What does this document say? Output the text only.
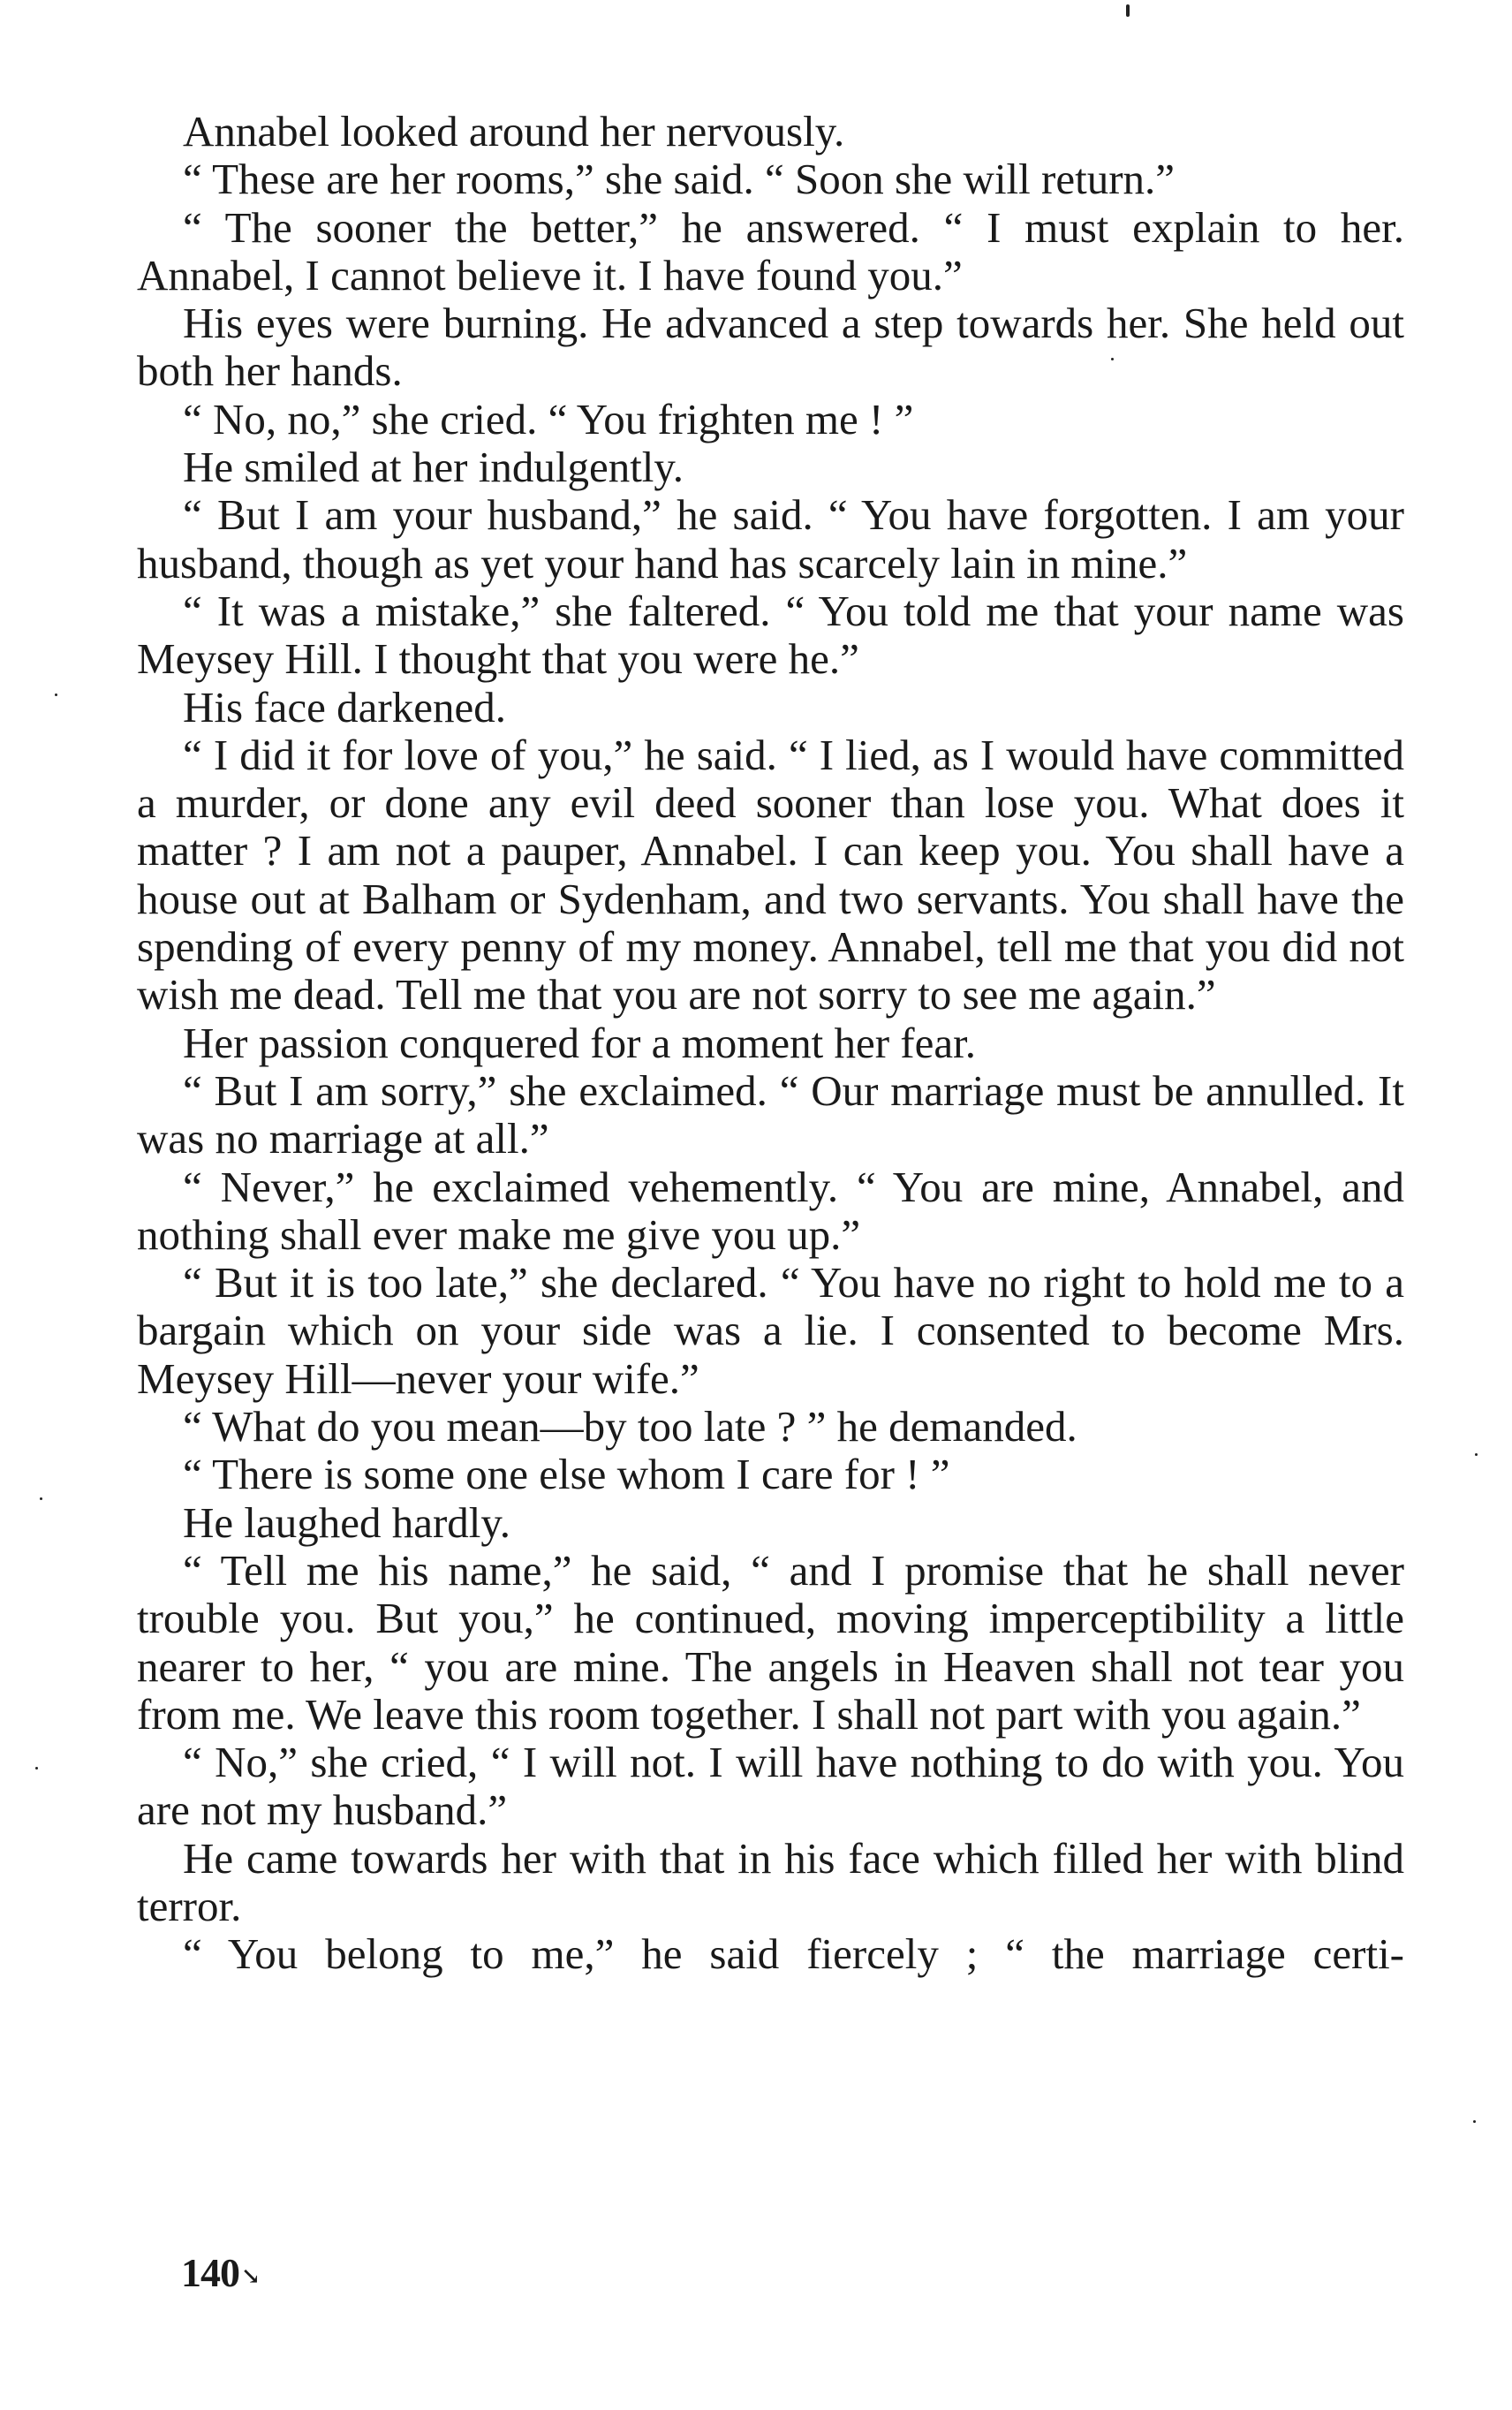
Annabel looked around her nervously.

“ These are her rooms,” she said. “ Soon she will return.”

“ The sooner the better,” he answered. “ I must explain to her. Annabel, I cannot believe it. I have found you.”

His eyes were burning. He advanced a step towards her. She held out both her hands.

“ No, no,” she cried. “ You frighten me ! ”

He smiled at her indulgently.

“ But I am your husband,” he said. “ You have forgotten. I am your husband, though as yet your hand has scarcely lain in mine.”

“ It was a mistake,” she faltered. “ You told me that your name was Meysey Hill. I thought that you were he.”

His face darkened.

“ I did it for love of you,” he said. “ I lied, as I would have committed a murder, or done any evil deed sooner than lose you. What does it matter ? I am not a pauper, Annabel. I can keep you. You shall have a house out at Balham or Sydenham, and two servants. You shall have the spending of every penny of my money. Annabel, tell me that you did not wish me dead. Tell me that you are not sorry to see me again.”

Her passion conquered for a moment her fear.

“ But I am sorry,” she exclaimed. “ Our marriage must be annulled. It was no marriage at all.”

“ Never,” he exclaimed vehemently. “ You are mine, Annabel, and nothing shall ever make me give you up.”

“ But it is too late,” she declared. “ You have no right to hold me to a bargain which on your side was a lie. I consented to become Mrs. Meysey Hill—never your wife.”

“ What do you mean—by too late ? ” he demanded.

“ There is some one else whom I care for ! ”

He laughed hardly.

“ Tell me his name,” he said, “ and I promise that he shall never trouble you. But you,” he continued, moving imperceptibility a little nearer to her, “ you are mine. The angels in Heaven shall not tear you from me. We leave this room together. I shall not part with you again.”

“ No,” she cried, “ I will not. I will have nothing to do with you. You are not my husband.”

He came towards her with that in his face which filled her with blind terror.

“ You belong to me,” he said fiercely ; “ the marriage certi-

140↘
